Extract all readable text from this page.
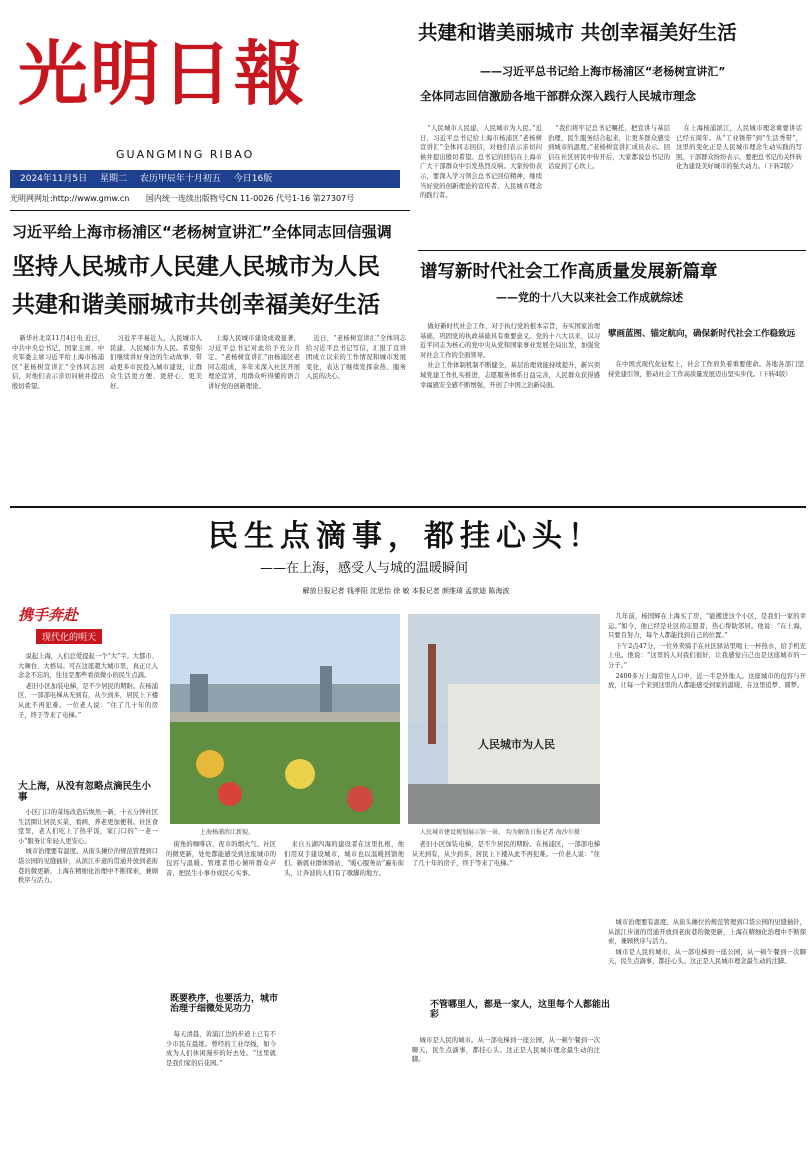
光明日報
GUANGMING RIBAO
2024年11月5日 星期二 农历甲辰年十月初五 今日16版
光明网网址:http://www.gmw.cn 国内统一连续出版物号CN 11-0026 代号1-16 第27307号
共建和谐美丽城市 共创幸福美好生活
——习近平总书记给上海市杨浦区“老杨树宣讲汇”
全体同志回信激励各地干部群众深入践行人民城市理念

“人民城市人民建，人民城市为人民。”近日，习近平总书记给上海市杨浦区“老杨树宣讲汇”全体同志回信，对他们表示亲切问候并提出殷切希望。总书记的回信在上海市广大干部群众中引发热烈反响。大家纷纷表示，要深入学习领会总书记回信精神，继续当好党的创新理论的宣传者、人民城市理念的践行者。

“我们将牢记总书记嘱托，把宣讲与基层治理、民生服务结合起来，让更多群众感受到城市的温度。”老杨树宣讲汇成员表示。回信在社区居民中传开后，大家都说总书记的话说到了心坎上。

在上海杨浦滨江，人民城市理念重要讲话已经五周年。从“工业锈带”到“生活秀带”，这里的变化正是人民城市理念生动实践的写照。干部群众纷纷表示，要把总书记的关怀转化为建设美好城市的强大动力。（下转2版）

习近平给上海市杨浦区“老杨树宣讲汇”全体同志回信强调
坚持人民城市人民建人民城市为人民
共建和谐美丽城市共创幸福美好生活

新华社北京11月4日电 近日，中共中央总书记、国家主席、中央军委主席习近平给上海市杨浦区“老杨树宣讲汇”全体同志回信，对他们表示亲切问候并提出殷切希望。

习近平平易近人，人民城市人民建，人民城市为人民。希望你们继续讲好身边的生动故事，带动更多市民投入城市建设，让群众生活更方便、更舒心、更美好。

上海人民城市建设成效显著，习近平总书记对此给予充分肯定。“老杨树宣讲汇”由杨浦区老同志组成，多年来深入社区开展理论宣讲，用群众听得懂的语言讲好党的创新理论。

近日，“老杨树宣讲汇”全体同志给习近平总书记写信，汇报了宣讲团成立以来的工作情况和城市发展变化，表达了继续发挥余热、服务人民的决心。

谱写新时代社会工作高质量发展新篇章
——党的十八大以来社会工作成就综述

做好新时代社会工作，对于执行党的根本宗旨，夯实国家治理基础，巩固党的执政基础具有重要意义。党的十八大以来，以习近平同志为核心的党中央从党和国家事业发展全局出发，加强党对社会工作的全面领导。

社会工作体制机制不断健全，基层治理效能持续提升，新兴领域党建工作扎实推进，志愿服务体系日益完善，人民群众获得感幸福感安全感不断增强，开创了中国之治新局面。

擘画蓝图、锚定航向，确保新时代社会工作稳致远

在中国式现代化征程上，社会工作肩负着重要使命。各地各部门坚持党建引领，推动社会工作高质量发展迈出坚实步伐。（下转4版）

民生点滴事，都挂心头！
——在上海，感受人与城的温暖瞬间
解放日报记者 钱孝阳 沈思怡 徐 敏 本报记者 颜维琦 孟歆迪 陈海波
携手奔赴
现代化的明天

说起上海，人们总爱提起一个“大”字。大都市、大舞台、大格局。可在这座超大城市里，真正让人念念不忘的，往往是那些看似微小的民生点滴。

老旧小区加装电梯，是不少居民的期盼。在杨浦区，一部部电梯从无到有，从少到多，居民上下楼从此不再犯难。一位老人说：“住了几十年的房子，终于等来了电梯。”

大上海，从没有忽略点滴民生小事
上海杨浦滨江新貌。
人民城市为人民
人民城市建设规划展示馆一景。 均为解放日报记者 海沙尔摄

几年前，杨国辉在上海买了房，“能搬进这个小区，是我们一家的幸运。”如今，他已经是社区的志愿者，热心帮助邻居。他说：“在上海，只要肯努力，每个人都能找到自己的位置。”

下午2点47分，一位外卖骑手在社区驿站里喝上一杯热水，给手机充上电。他说：“这里的人对我们很好，让我感觉自己也是这座城市的一分子。”

2400多万上海常住人口中，近一半是外地人。这座城市的包容与开放，让每一个来到这里的人都能感受到家的温暖，在这里追梦、圆梦。

小区门口的菜场改造后焕然一新，十五分钟社区生活圈让居民买菜、看病、养老更加便利。社区食堂里，老人们吃上了热乎饭，家门口的“一老一小”服务让年轻人更安心。

城市治理要有温度。从街头摊位的规范管理到口袋公园的见缝插针，从滨江步道的贯通开放到老街巷的微更新，上海在精细化治理中不断探索，兼顾秩序与活力。

街角的咖啡店、夜市的烟火气、社区的微更新，处处都能感受到这座城市的包容与温暖。管理者用心倾听群众声音，把民生小事办成民心实事。

既要秩序，也要活力，城市治理于细微处见功力

每天清晨，黄浦江边的步道上已有不少市民在晨练。曾经的工业岸线，如今成为人们休闲漫步的好去处。“这里就是我们家的后花园。”

来自五湖四海的建设者在这里扎根，他们用双手建设城市，城市也以温暖回馈他们。新就业群体驿站、“暖心服务站”遍布街头，让奔波的人们有了歇脚的地方。

老旧小区加装电梯，是不少居民的期盼。在杨浦区，一部部电梯从无到有，从少到多，居民上下楼从此不再犯难。一位老人说：“住了几十年的房子，终于等来了电梯。”

不管哪里人，都是一家人，这里每个人都能出彩

城市是人民的城市。从一部电梯到一座公园，从一顿午餐到一次聊天，民生点滴事，都挂心头。这正是人民城市理念最生动的注脚。

城市治理要有温度。从街头摊位的规范管理到口袋公园的见缝插针，从滨江步道的贯通开放到老街巷的微更新，上海在精细化治理中不断探索，兼顾秩序与活力。

城市是人民的城市。从一部电梯到一座公园，从一顿午餐到一次聊天，民生点滴事，都挂心头。这正是人民城市理念最生动的注脚。
